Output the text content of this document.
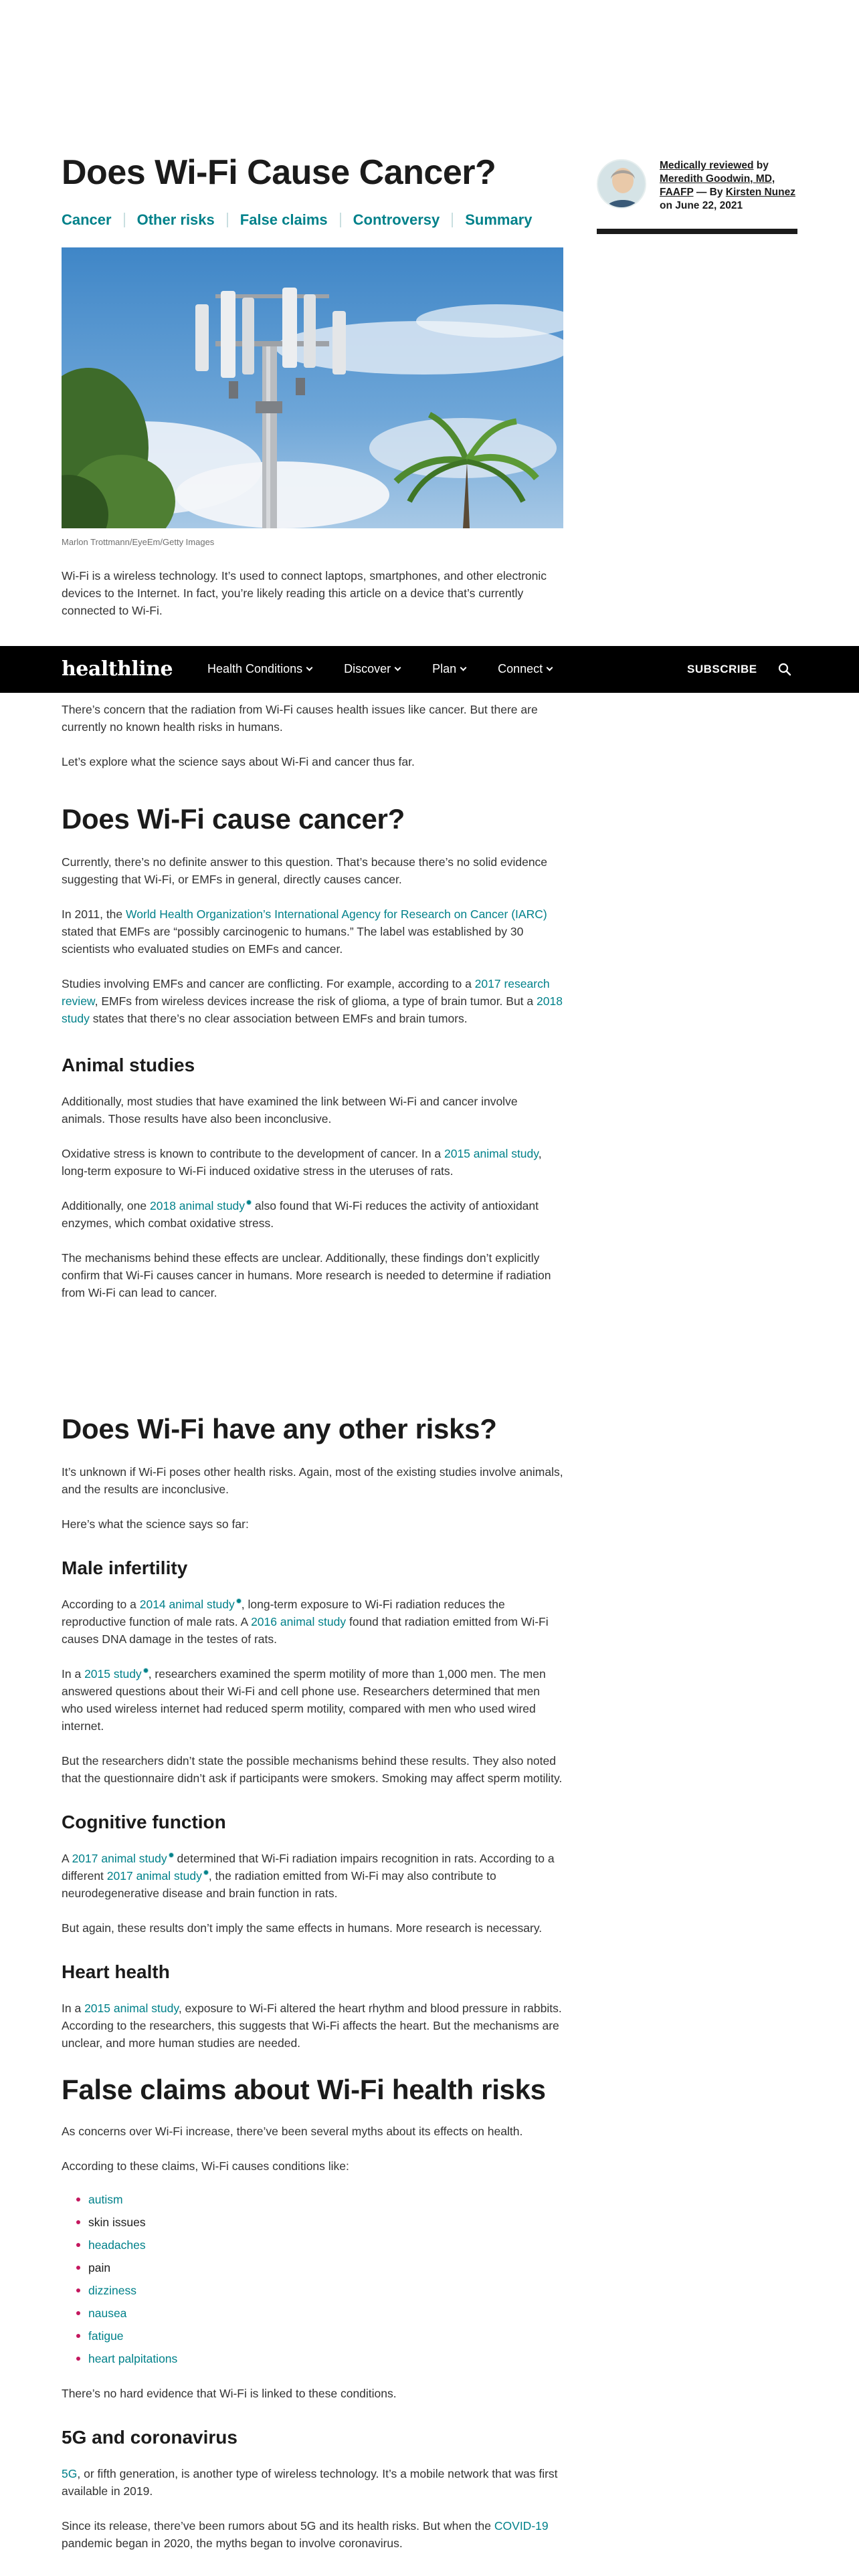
Does Wi-Fi Cause Cancer?
Cancer	Other risks	False claims	Controversy	Summary
Marlon Trottmann/EyeEm/Getty Images

Wi-Fi is a wireless technology. It’s used to connect laptops, smartphones, and other electronic devices to the Internet. In fact, you’re likely reading this article on a device that’s currently connected to Wi-Fi.

Medically reviewed by
Meredith Goodwin, MD, FAAFP — By Kirsten Nunez
on June 22, 2021
healthline	Health Conditions	Discover	Plan	Connect	SUBSCRIBE

There’s concern that the radiation from Wi-Fi causes health issues like cancer. But there are currently no known health risks in humans.

Let’s explore what the science says about Wi-Fi and cancer thus far.

Does Wi-Fi cause cancer?

Currently, there’s no definite answer to this question. That’s because there’s no solid evidence suggesting that Wi-Fi, or EMFs in general, directly causes cancer.

In 2011, the World Health Organization’s International Agency for Research on Cancer (IARC) stated that EMFs are “possibly carcinogenic to humans.” The label was established by 30 scientists who evaluated studies on EMFs and cancer.

Studies involving EMFs and cancer are conflicting. For example, according to a 2017 research review, EMFs from wireless devices increase the risk of glioma, a type of brain tumor. But a 2018 study states that there’s no clear association between EMFs and brain tumors.

Animal studies

Additionally, most studies that have examined the link between Wi-Fi and cancer involve animals. Those results have also been inconclusive.

Oxidative stress is known to contribute to the development of cancer. In a 2015 animal study, long-term exposure to Wi-Fi induced oxidative stress in the uteruses of rats.

Additionally, one 2018 animal study also found that Wi-Fi reduces the activity of antioxidant enzymes, which combat oxidative stress.

The mechanisms behind these effects are unclear. Additionally, these findings don’t explicitly confirm that Wi-Fi causes cancer in humans. More research is needed to determine if radiation from Wi-Fi can lead to cancer.

Does Wi-Fi have any other risks?

It’s unknown if Wi-Fi poses other health risks. Again, most of the existing studies involve animals, and the results are inconclusive.

Here’s what the science says so far:

Male infertility

According to a 2014 animal study , long-term exposure to Wi-Fi radiation reduces the reproductive function of male rats. A 2016 animal study found that radiation emitted from Wi-Fi causes DNA damage in the testes of rats.

In a 2015 study , researchers examined the sperm motility of more than 1,000 men. The men answered questions about their Wi-Fi and cell phone use. Researchers determined that men who used wireless internet had reduced sperm motility, compared with men who used wired internet.

But the researchers didn’t state the possible mechanisms behind these results. They also noted that the questionnaire didn’t ask if participants were smokers. Smoking may affect sperm motility.

Cognitive function

A 2017 animal study determined that Wi-Fi radiation impairs recognition in rats. According to a different 2017 animal study , the radiation emitted from Wi-Fi may also contribute to neurodegenerative disease and brain function in rats.

But again, these results don’t imply the same effects in humans. More research is necessary.

Heart health

In a 2015 animal study, exposure to Wi-Fi altered the heart rhythm and blood pressure in rabbits. According to the researchers, this suggests that Wi-Fi affects the heart. But the mechanisms are unclear, and more human studies are needed.

False claims about Wi-Fi health risks

As concerns over Wi-Fi increase, there’ve been several myths about its effects on health.

According to these claims, Wi-Fi causes conditions like:

autism
skin issues
headaches
pain
dizziness
nausea
fatigue
heart palpitations

There’s no hard evidence that Wi-Fi is linked to these conditions.

5G and coronavirus

5G, or fifth generation, is another type of wireless technology. It’s a mobile network that was first available in 2019.

Since its release, there’ve been rumors about 5G and its health risks. But when the COVID-19 pandemic began in 2020, the myths began to involve coronavirus.
